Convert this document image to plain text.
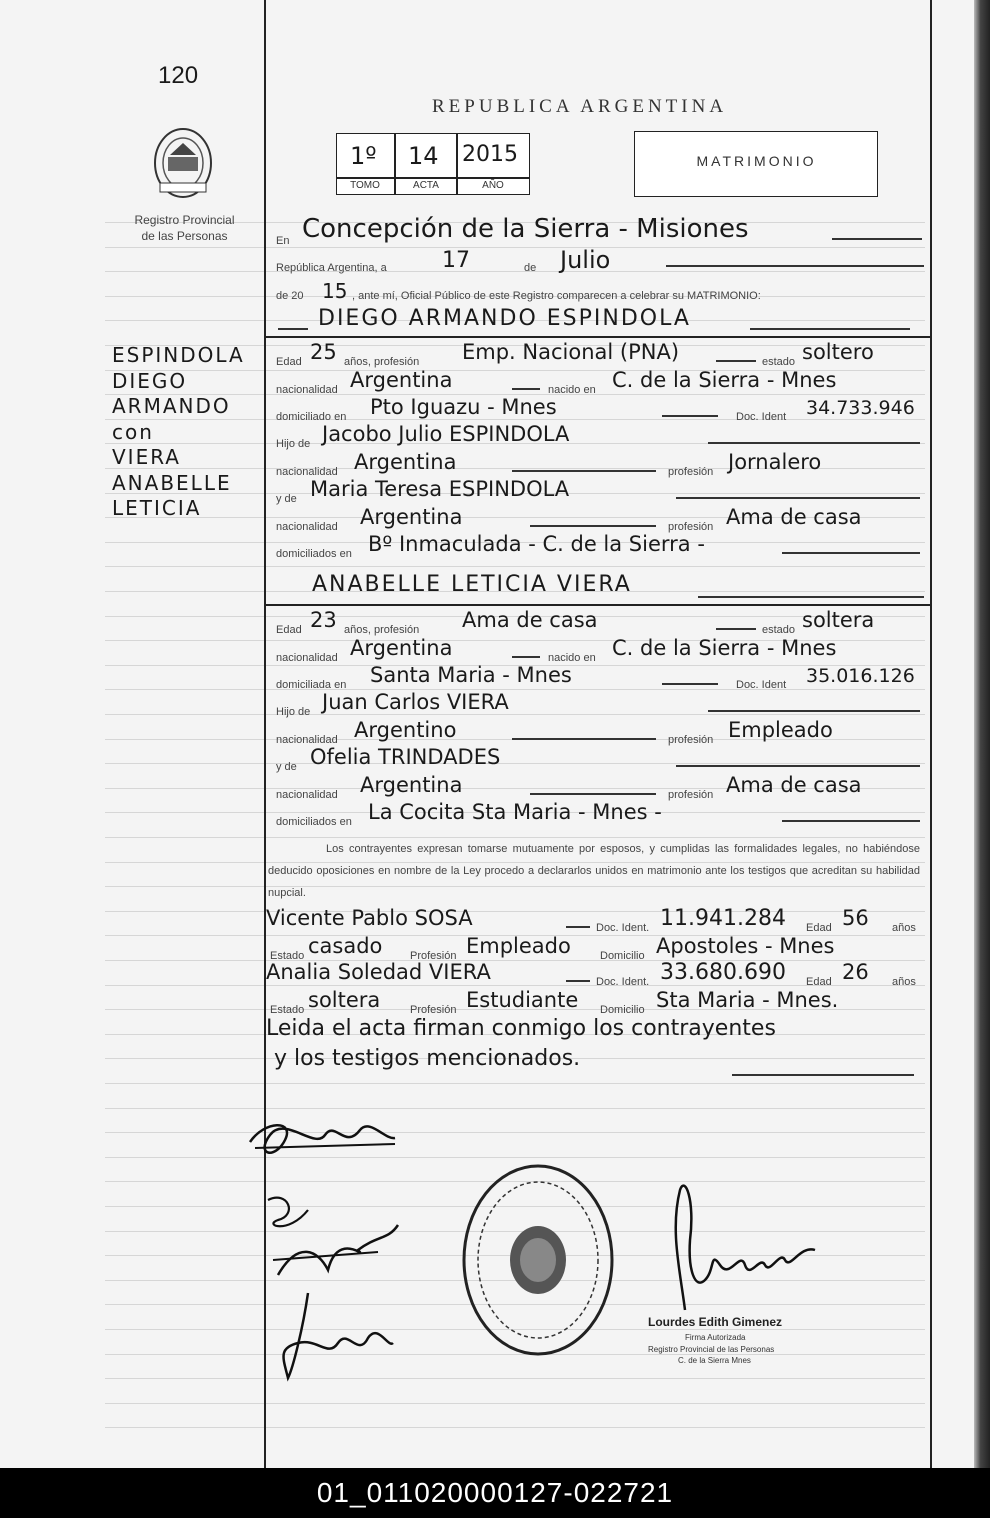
120
Registro Provincial de las Personas
REPUBLICA ARGENTINA
1º 14 2015
TOMO	ACTA	AÑO
MATRIMONIO
ESPINDOLA
DIEGO
ARMANDO
con
VIERA
ANABELLE
LETICIA
En Concepción de la Sierra - Misiones
República Argentina, a	17	de Julio
de 20 15 , ante mí, Oficial Público de este Registro comparecen a celebrar su MATRIMONIO:
DIEGO ARMANDO ESPINDOLA
Edad 25 años, profesión Emp. Nacional (PNA)	estado soltero
nacionalidad Argentina	nacido en C. de la Sierra - Mnes
domiciliado en Pto Iguazu - Mnes	Doc. Ident 34.733.946
Hijo de Jacobo Julio ESPINDOLA
nacionalidad Argentina	profesión Jornalero
y de Maria Teresa ESPINDOLA
nacionalidad Argentina	profesión Ama de casa
domiciliados en Bº Inmaculada - C. de la Sierra -
ANABELLE LETICIA VIERA
Edad 23 años, profesión Ama de casa	estado soltera
nacionalidad Argentina	nacido en C. de la Sierra - Mnes
domiciliada en Santa Maria - Mnes	Doc. Ident 35.016.126
Hijo de Juan Carlos VIERA
nacionalidad Argentino	profesión Empleado
y de Ofelia TRINDADES
nacionalidad Argentina	profesión Ama de casa
domiciliados en La Cocita Sta Maria - Mnes -
Los contrayentes expresan tomarse mutuamente por esposos, y cumplidas las formalidades legales, no habiéndose deducido oposiciones en nombre de la Ley procedo a declararlos unidos en matrimonio ante los testigos que acreditan su habilidad nupcial.
Vicente Pablo SOSA	Doc. Ident. 11.941.284 Edad 56 años
Estado casado	Profesión Empleado	Domicilio Apostoles - Mnes
Analia Soledad VIERA	Doc. Ident. 33.680.690 Edad 26 años
Estado soltera	Profesión Estudiante Domicilio Sta Maria - Mnes.
Leida el acta firman conmigo los contrayentes
y los testigos mencionados.
Lourdes Edith Gimenez
Firma Autorizada
Registro Provincial de las Personas
C. de la Sierra Mnes
01_011020000127-022721
